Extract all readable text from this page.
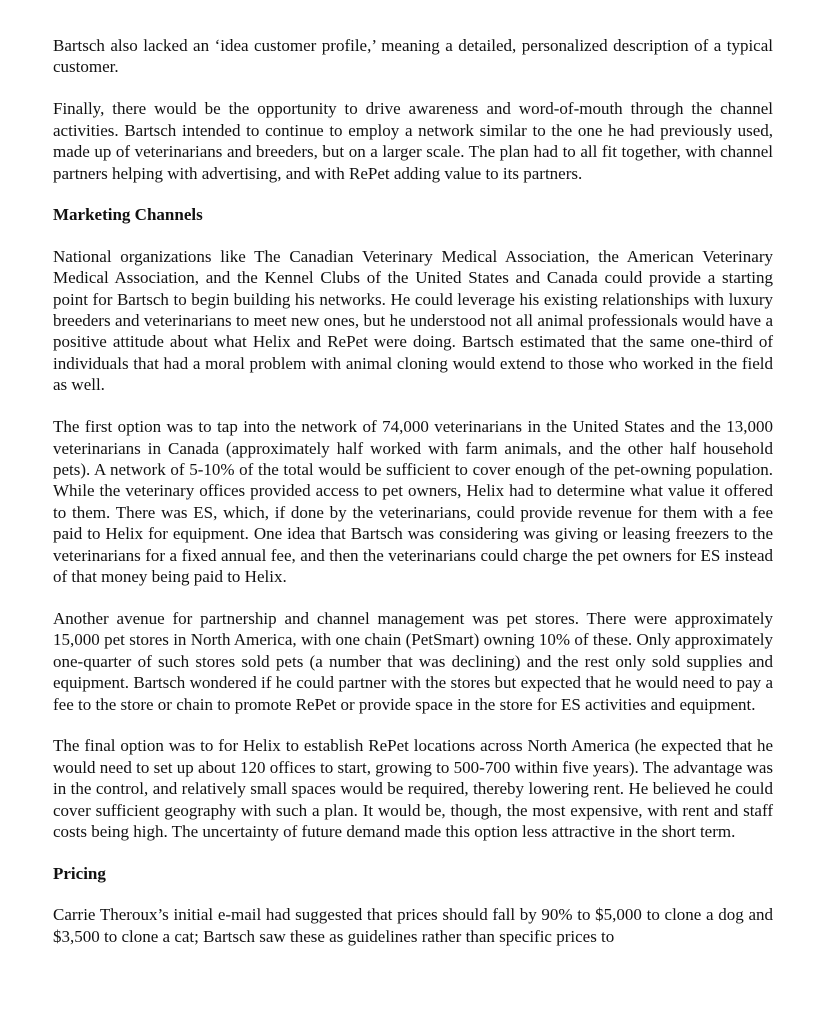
Bartsch also lacked an ‘idea customer profile,’ meaning a detailed, personalized description of a typical customer.

Finally, there would be the opportunity to drive awareness and word-of-mouth through the channel activities. Bartsch intended to continue to employ a network similar to the one he had previously used, made up of veterinarians and breeders, but on a larger scale. The plan had to all fit together, with channel partners helping with advertising, and with RePet adding value to its partners.

Marketing Channels

National organizations like The Canadian Veterinary Medical Association, the American Veterinary Medical Association, and the Kennel Clubs of the United States and Canada could provide a starting point for Bartsch to begin building his networks. He could leverage his existing relationships with luxury breeders and veterinarians to meet new ones, but he understood not all animal professionals would have a positive attitude about what Helix and RePet were doing. Bartsch estimated that the same one-third of individuals that had a moral problem with animal cloning would extend to those who worked in the field as well.

The first option was to tap into the network of 74,000 veterinarians in the United States and the 13,000 veterinarians in Canada (approximately half worked with farm animals, and the other half household pets). A network of 5-10% of the total would be sufficient to cover enough of the pet-owning population. While the veterinary offices provided access to pet owners, Helix had to determine what value it offered to them. There was ES, which, if done by the veterinarians, could provide revenue for them with a fee paid to Helix for equipment. One idea that Bartsch was considering was giving or leasing freezers to the veterinarians for a fixed annual fee, and then the veterinarians could charge the pet owners for ES instead of that money being paid to Helix.

Another avenue for partnership and channel management was pet stores. There were approximately 15,000 pet stores in North America, with one chain (PetSmart) owning 10% of these. Only approximately one-quarter of such stores sold pets (a number that was declining) and the rest only sold supplies and equipment. Bartsch wondered if he could partner with the stores but expected that he would need to pay a fee to the store or chain to promote RePet or provide space in the store for ES activities and equipment.

The final option was to for Helix to establish RePet locations across North America (he expected that he would need to set up about 120 offices to start, growing to 500-700 within five years). The advantage was in the control, and relatively small spaces would be required, thereby lowering rent. He believed he could cover sufficient geography with such a plan. It would be, though, the most expensive, with rent and staff costs being high. The uncertainty of future demand made this option less attractive in the short term.

Pricing

Carrie Theroux’s initial e-mail had suggested that prices should fall by 90% to $5,000 to clone a dog and $3,500 to clone a cat; Bartsch saw these as guidelines rather than specific prices to
